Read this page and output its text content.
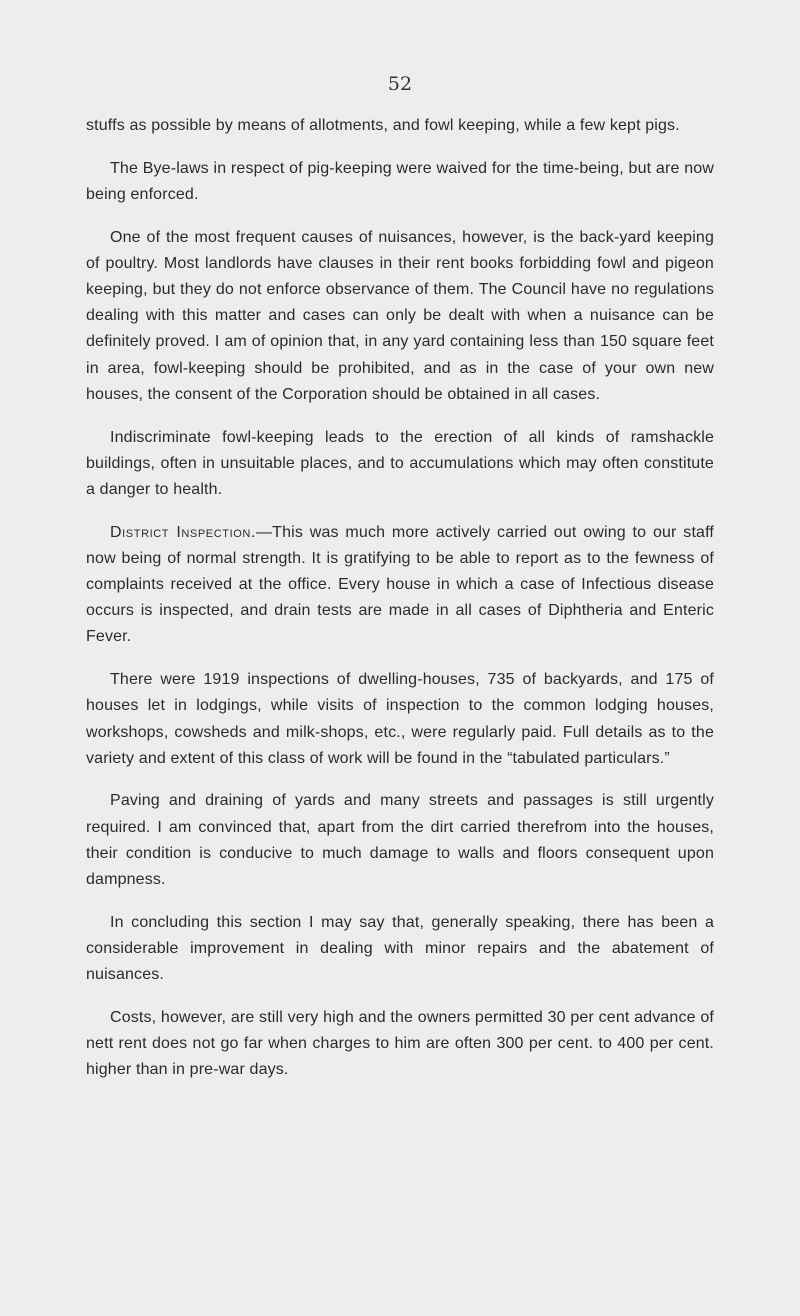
52

stuffs as possible by means of allotments, and fowl keeping, while a few kept pigs.

The Bye-laws in respect of pig-keeping were waived for the time-being, but are now being enforced.

One of the most frequent causes of nuisances, however, is the back-yard keeping of poultry. Most landlords have clauses in their rent books forbidding fowl and pigeon keeping, but they do not enforce observance of them. The Council have no regulations dealing with this matter and cases can only be dealt with when a nuisance can be definitely proved. I am of opinion that, in any yard containing less than 150 square feet in area, fowl-keeping should be prohibited, and as in the case of your own new houses, the consent of the Corporation should be obtained in all cases.

Indiscriminate fowl-keeping leads to the erection of all kinds of ramshackle buildings, often in unsuitable places, and to accumulations which may often constitute a danger to health.

District Inspection.—This was much more actively carried out owing to our staff now being of normal strength. It is gratifying to be able to report as to the fewness of complaints received at the office. Every house in which a case of Infectious disease occurs is inspected, and drain tests are made in all cases of Diphtheria and Enteric Fever.

There were 1919 inspections of dwelling-houses, 735 of backyards, and 175 of houses let in lodgings, while visits of inspection to the common lodging houses, workshops, cowsheds and milk-shops, etc., were regularly paid. Full details as to the variety and extent of this class of work will be found in the “tabulated particulars.”

Paving and draining of yards and many streets and passages is still urgently required. I am convinced that, apart from the dirt carried therefrom into the houses, their condition is conducive to much damage to walls and floors consequent upon dampness.

In concluding this section I may say that, generally speaking, there has been a considerable improvement in dealing with minor repairs and the abatement of nuisances.

Costs, however, are still very high and the owners permitted 30 per cent advance of nett rent does not go far when charges to him are often 300 per cent. to 400 per cent. higher than in pre-war days.
